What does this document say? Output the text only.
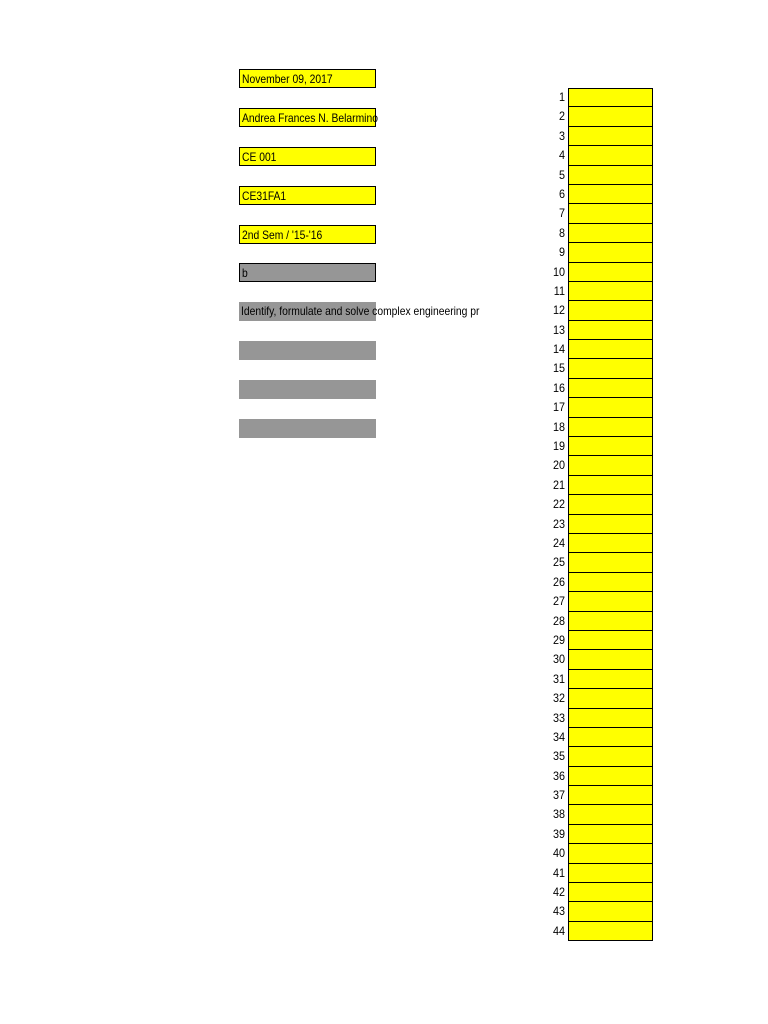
November 09, 2017
Andrea Frances N. Belarmino
CE 001
CE31FA1
2nd Sem / '15-'16
b
Identify, formulate and solve complex engineering pr
1
2
3
4
5
6
7
8
9
10
11
12
13
14
15
16
17
18
19
20
21
22
23
24
25
26
27
28
29
30
31
32
33
34
35
36
37
38
39
40
41
42
43
44
